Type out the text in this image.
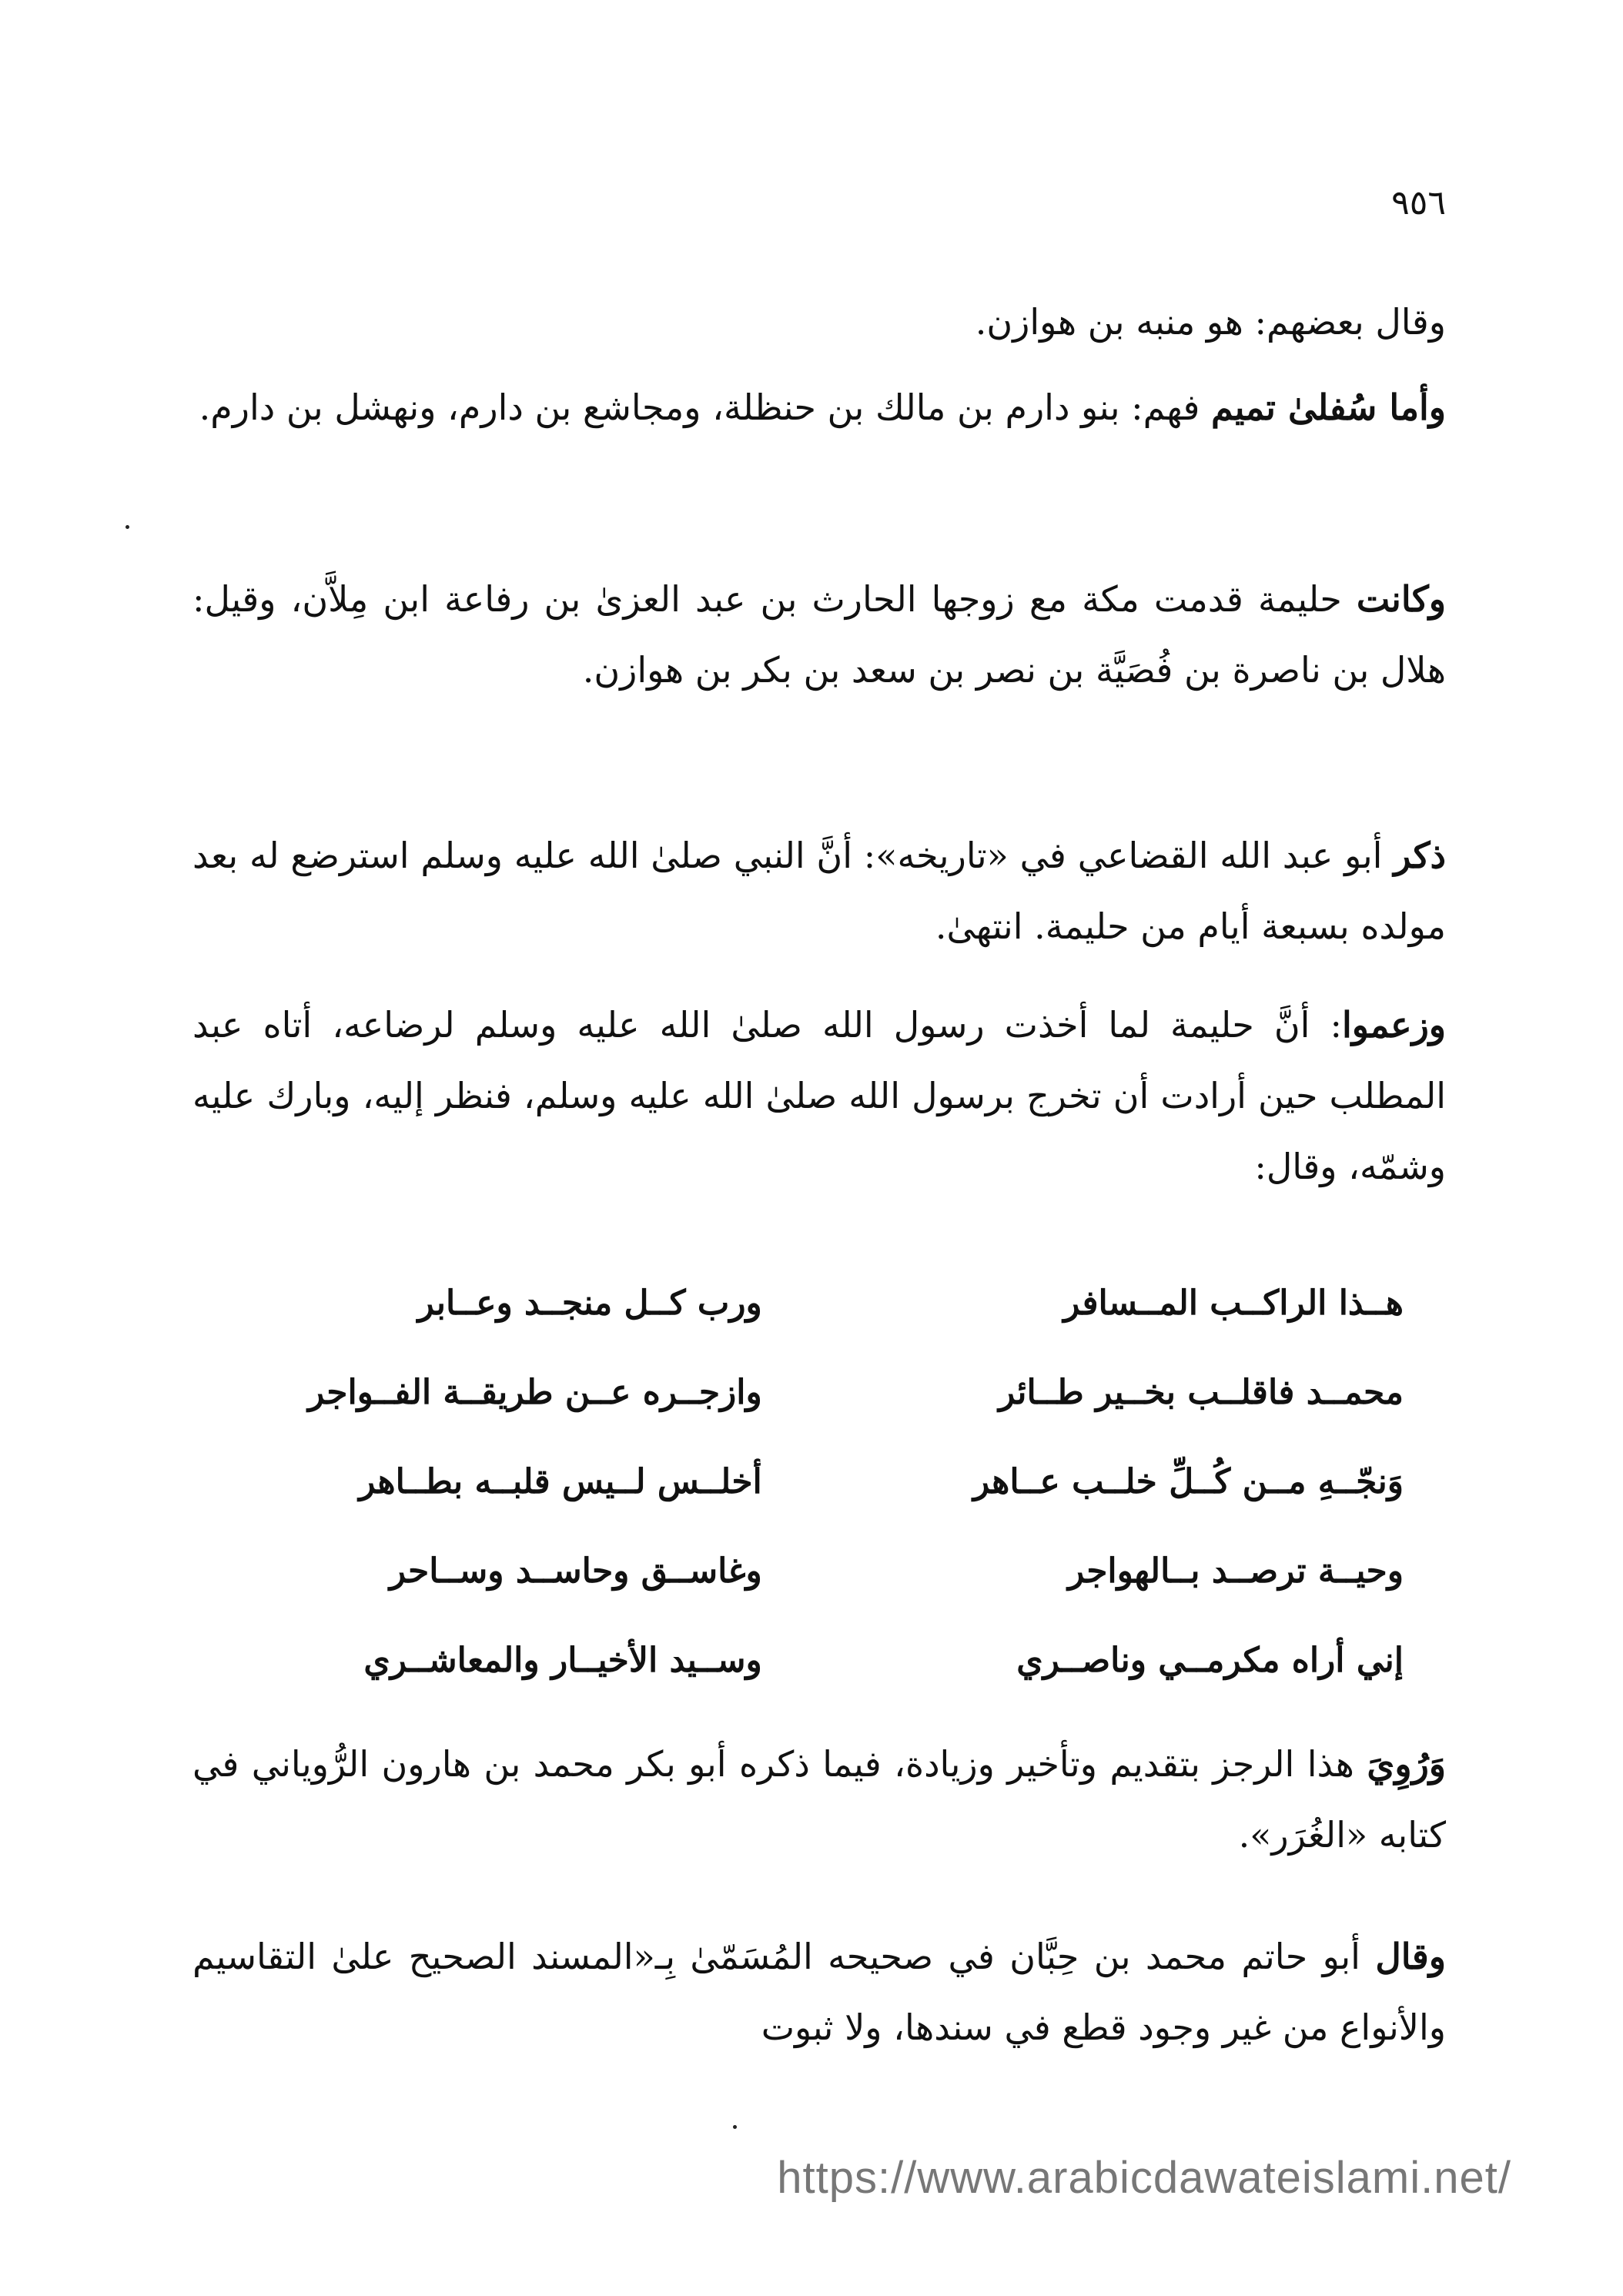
٩٥٦

وقال بعضهم: هو منبه بن هوازن.

وأما سُفلىٰ تميم فهم: بنو دارم بن مالك بن حنظلة، ومجاشع بن دارم، ونهشل بن دارم.

وكانت حليمة قدمت مكة مع زوجها الحارث بن عبد العزىٰ بن رفاعة ابن مِلاَّن، وقيل: هلال بن ناصرة بن فُصَيَّة بن نصر بن سعد بن بكر بن هوازن.

ذكر أبو عبد الله القضاعي في «تاريخه»: أنَّ النبي صلىٰ الله عليه وسلم استرضع له بعد مولده بسبعة أيام من حليمة. انتهىٰ.

وزعموا: أنَّ حليمة لما أخذت رسول الله صلىٰ الله عليه وسلم لرضاعه، أتاه عبد المطلب حين أرادت أن تخرج برسول الله صلىٰ الله عليه وسلم، فنظر إليه، وبارك عليه وشمّه، وقال:

هــذا الراكــب المــسافر
ورب كــل منجــد وعــابر
محمــد فاقلــب بخــير طــائر
وازجــره عــن طريقــة الفــواجر
وَنجّــهِ مــن كُــلِّ خلــب عــاهر
أخلــس لــيس قلبــه بطــاهر
وحيــة ترصــد بــالهواجر
وغاســق وحاســد وســاحر
إني أراه مكرمــي وناصــري
وســيد الأخيــار والمعاشــري

وَرُوِيَ هذا الرجز بتقديم وتأخير وزيادة، فيما ذكره أبو بكر محمد بن هارون الرُّوياني في كتابه «الغُرَر».

وقال أبو حاتم محمد بن حِبَّان في صحيحه المُسَمّىٰ بِـ«المسند الصحيح علىٰ التقاسيم والأنواع من غير وجود قطع في سندها، ولا ثبوت

https://www.arabicdawateislami.net/
